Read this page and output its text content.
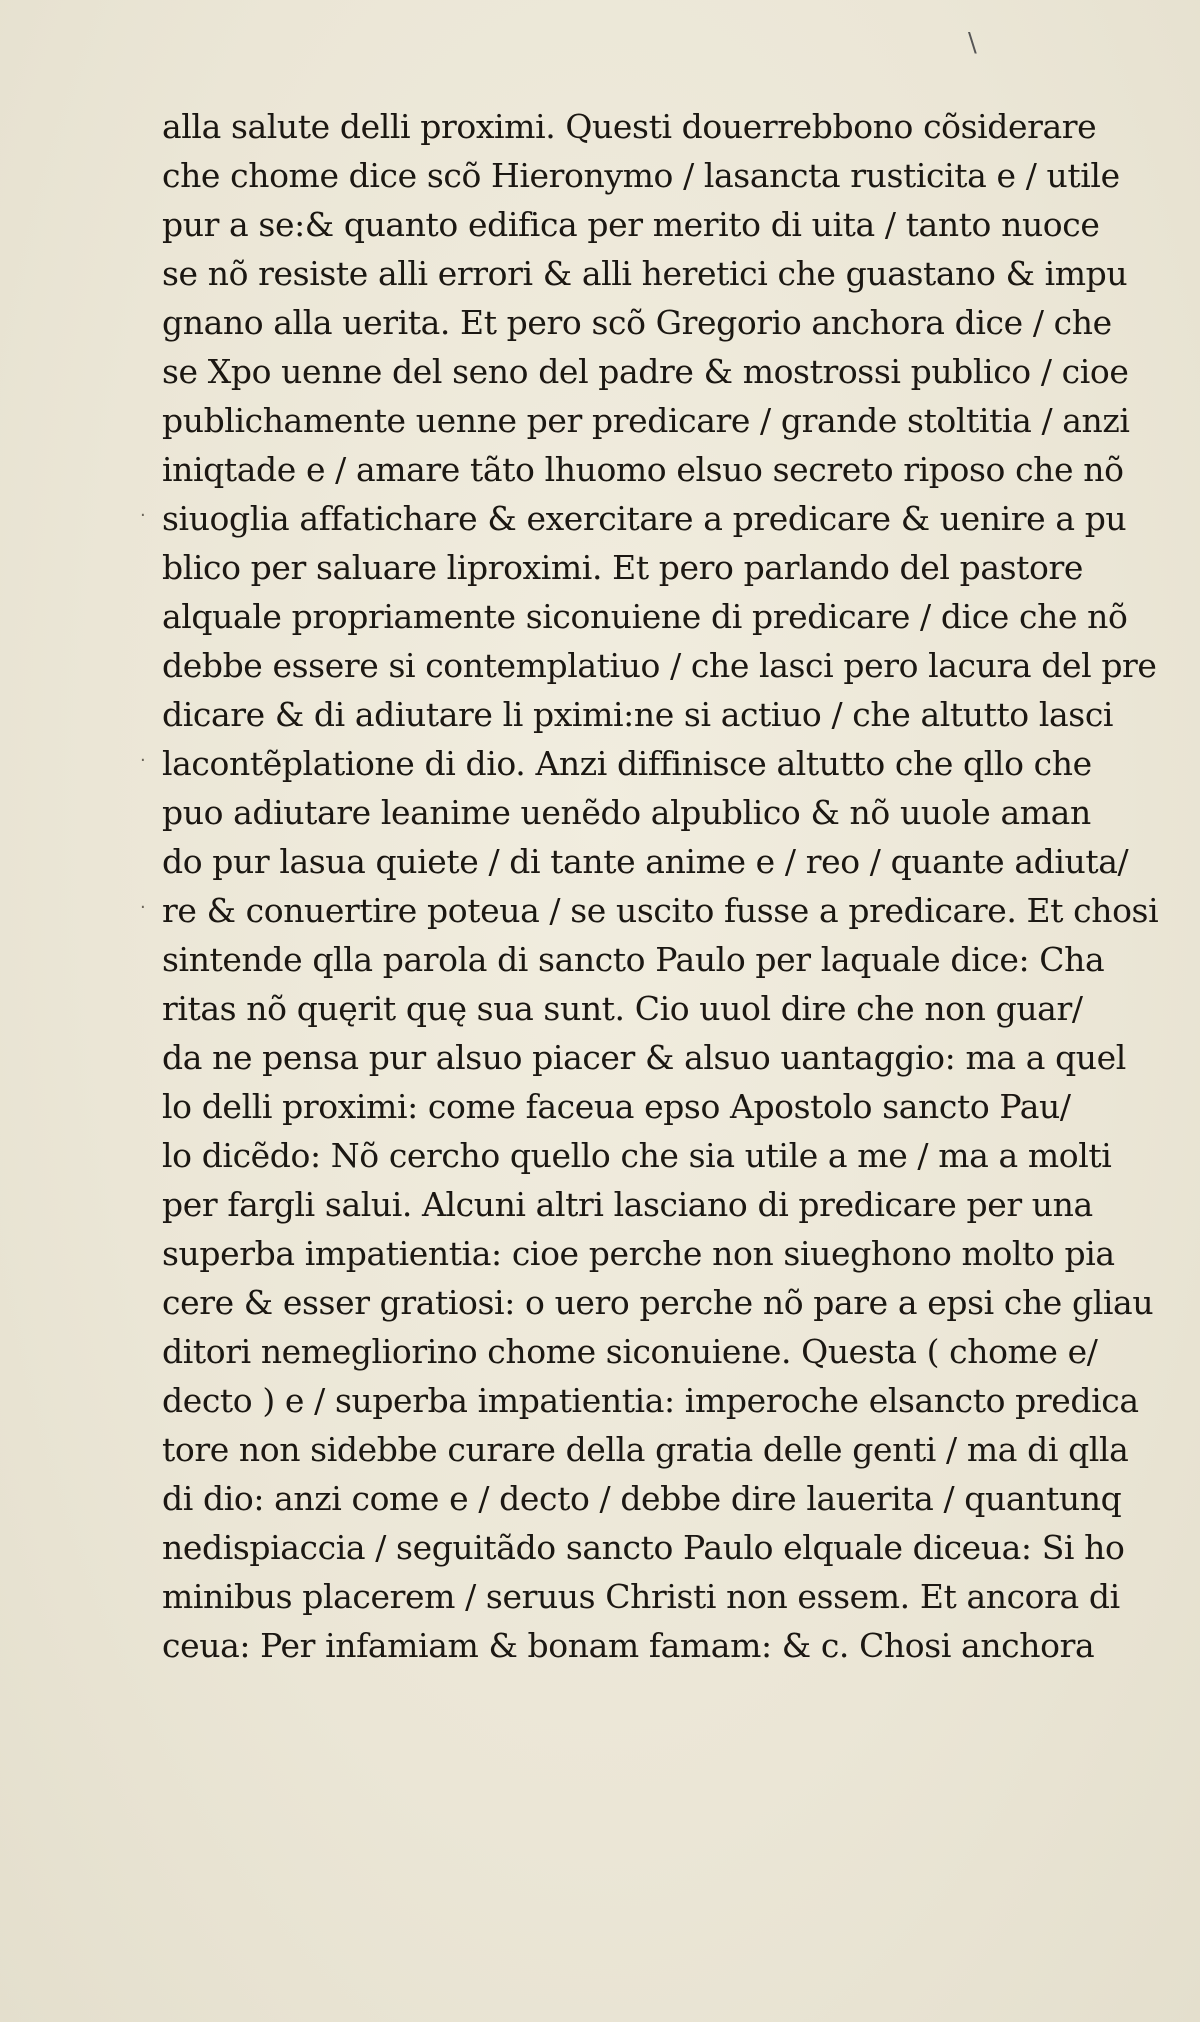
\
alla salute delli proximi. Questi douerrebbono cõsiderare
che chome dice scõ Hieronymo / lasancta rusticita e / utile
pur a se:& quanto edifica per merito di uita / tanto nuoce
se nõ resiste alli errori & alli heretici che guastano & impu
gnano alla uerita. Et pero scõ Gregorio anchora dice / che
se Xpo uenne del seno del padre & mostrossi publico / cioe
publichamente uenne per predicare / grande stoltitia / anzi
iniqtade e / amare tãto lhuomo elsuo secreto riposo che nõ
siuoglia affatichare & exercitare a predicare & uenire a pu
blico per saluare liproximi. Et pero parlando del pastore
alquale propriamente siconuiene di predicare / dice che nõ
debbe essere si contemplatiuo / che lasci pero lacura del pre
dicare & di adiutare li pximi:ne si actiuo / che altutto lasci
lacontẽplatione di dio. Anzi diffinisce altutto che qllo che
puo adiutare leanime uenẽdo alpublico & nõ uuole aman
do pur lasua quiete / di tante anime e / reo / quante adiuta/
re & conuertire poteua / se uscito fusse a predicare. Et chosi
sintende qlla parola di sancto Paulo per laquale dice: Cha
ritas nõ quęrit quę sua sunt. Cio uuol dire che non guar/
da ne pensa pur alsuo piacer & alsuo uantaggio: ma a quel
lo delli proximi: come faceua epso Apostolo sancto Pau/
lo dicẽdo: Nõ cercho quello che sia utile a me / ma a molti
per fargli salui. Alcuni altri lasciano di predicare per una
superba impatientia: cioe perche non siueghono molto pia
cere & esser gratiosi: o uero perche nõ pare a epsi che gliau
ditori nemegliorino chome siconuiene. Questa ( chome e/
decto ) e / superba impatientia: imperoche elsancto predica
tore non sidebbe curare della gratia delle genti / ma di qlla
di dio: anzi come e / decto / debbe dire lauerita / quantunq
nedispiaccia / seguitãdo sancto Paulo elquale diceua: Si ho
minibus placerem / seruus Christi non essem. Et ancora di
ceua: Per infamiam & bonam famam: & c. Chosi anchora
·
·
·
